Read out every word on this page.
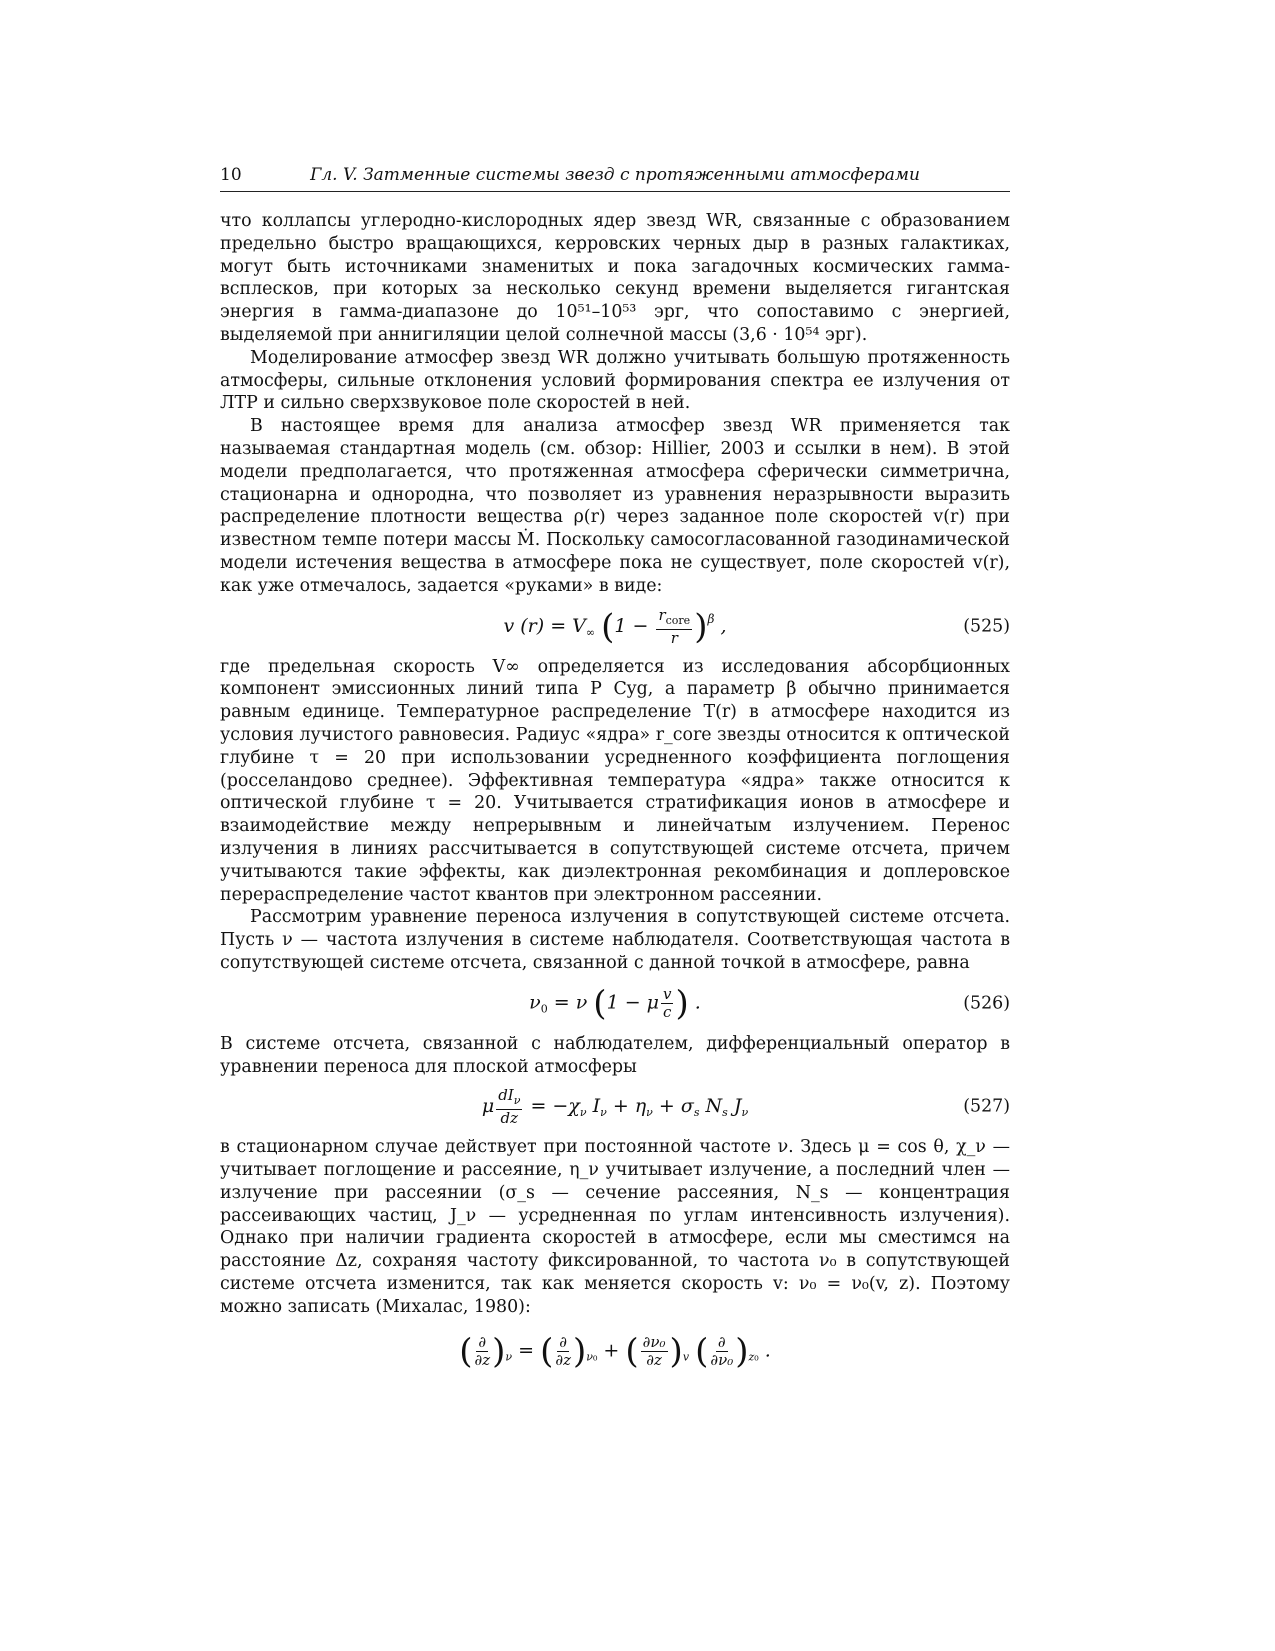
10	Гл. V. Затменные системы звезд с протяженными атмосферами

что коллапсы углеродно-кислородных ядер звезд WR, связанные с образованием предельно быстро вращающихся, керровских черных дыр в разных галактиках, могут быть источниками знаменитых и пока загадочных космических гамма-всплесков, при которых за несколько секунд времени выделяется гигантская энергия в гамма-диапазоне до 10⁵¹–10⁵³ эрг, что сопоставимо с энергией, выделяемой при аннигиляции целой солнечной массы (3,6 · 10⁵⁴ эрг).

Моделирование атмосфер звезд WR должно учитывать большую протяженность атмосферы, сильные отклонения условий формирования спектра ее излучения от ЛТР и сильно сверхзвуковое поле скоростей в ней.

В настоящее время для анализа атмосфер звезд WR применяется так называемая стандартная модель (см. обзор: Hillier, 2003 и ссылки в нем). В этой модели предполагается, что протяженная атмосфера сферически симметрична, стационарна и однородна, что позволяет из уравнения неразрывности выразить распределение плотности вещества ρ(r) через заданное поле скоростей v(r) при известном темпе потери массы Ṁ. Поскольку самосогласованной газодинамической модели истечения вещества в атмосфере пока не существует, поле скоростей v(r), как уже отмечалось, задается «руками» в виде:

v $(r) = V_\infty$ $(1 - \frac{r_{core}}{r} )^\beta$ ,	(525)

где предельная скорость V∞ определяется из исследования абсорбционных компонент эмиссионных линий типа P Cyg, а параметр β обычно принимается равным единице. Температурное распределение T(r) в атмосфере находится из условия лучистого равновесия. Радиус «ядра» r_core звезды относится к оптической глубине τ = 20 при использовании усредненного коэффициента поглощения (росселандово среднее). Эффективная температура «ядра» также относится к оптической глубине τ = 20. Учитывается стратификация ионов в атмосфере и взаимодействие между непрерывным и линейчатым излучением. Перенос излучения в линиях рассчитывается в сопутствующей системе отсчета, причем учитываются такие эффекты, как диэлектронная рекомбинация и доплеровское перераспределение частот квантов при электронном рассеянии.

Рассмотрим уравнение переноса излучения в сопутствующей системе отсчета. Пусть ν — частота излучения в системе наблюдателя. Соответствующая частота в сопутствующей системе отсчета, связанной с данной точкой в атмосфере, равна

$\nu_0 = \nu$ (1 − μ $\frac{v}{c}$ ) .	(526)

В системе отсчета, связанной с наблюдателем, дифференциальный оператор в уравнении переноса для плоской атмосферы

μ $\frac{dI_\nu}{dz} = -\chi_\nu$ $I_\nu + \eta_\nu + \sigma_s$ $N_s$ $J_\nu$	(527)

в стационарном случае действует при постоянной частоте ν. Здесь μ = cos θ, χ_ν — учитывает поглощение и рассеяние, η_ν учитывает излучение, а последний член — излучение при рассеянии (σ_s — сечение рассеяния, N_s — концентрация рассеивающих частиц, J_ν — усредненная по углам интенсивность излучения). Однако при наличии градиента скоростей в атмосфере, если мы сместимся на расстояние Δz, сохраняя частоту фиксированной, то частота ν₀ в сопутствующей системе отсчета изменится, так как меняется скорость v: ν₀ = ν₀(v, z). Поэтому можно записать (Михалас, 1980):

( $\frac{\partial}{\partial z} )_\nu$ = ( $\frac{\partial}{\partial z} )_{\nu_0}$ + ( $\frac{\text{∂ν₀}}{\partial z} )_v$ ( $\frac{\partial}{\text{∂ν₀}} )_{z_0}$ .
